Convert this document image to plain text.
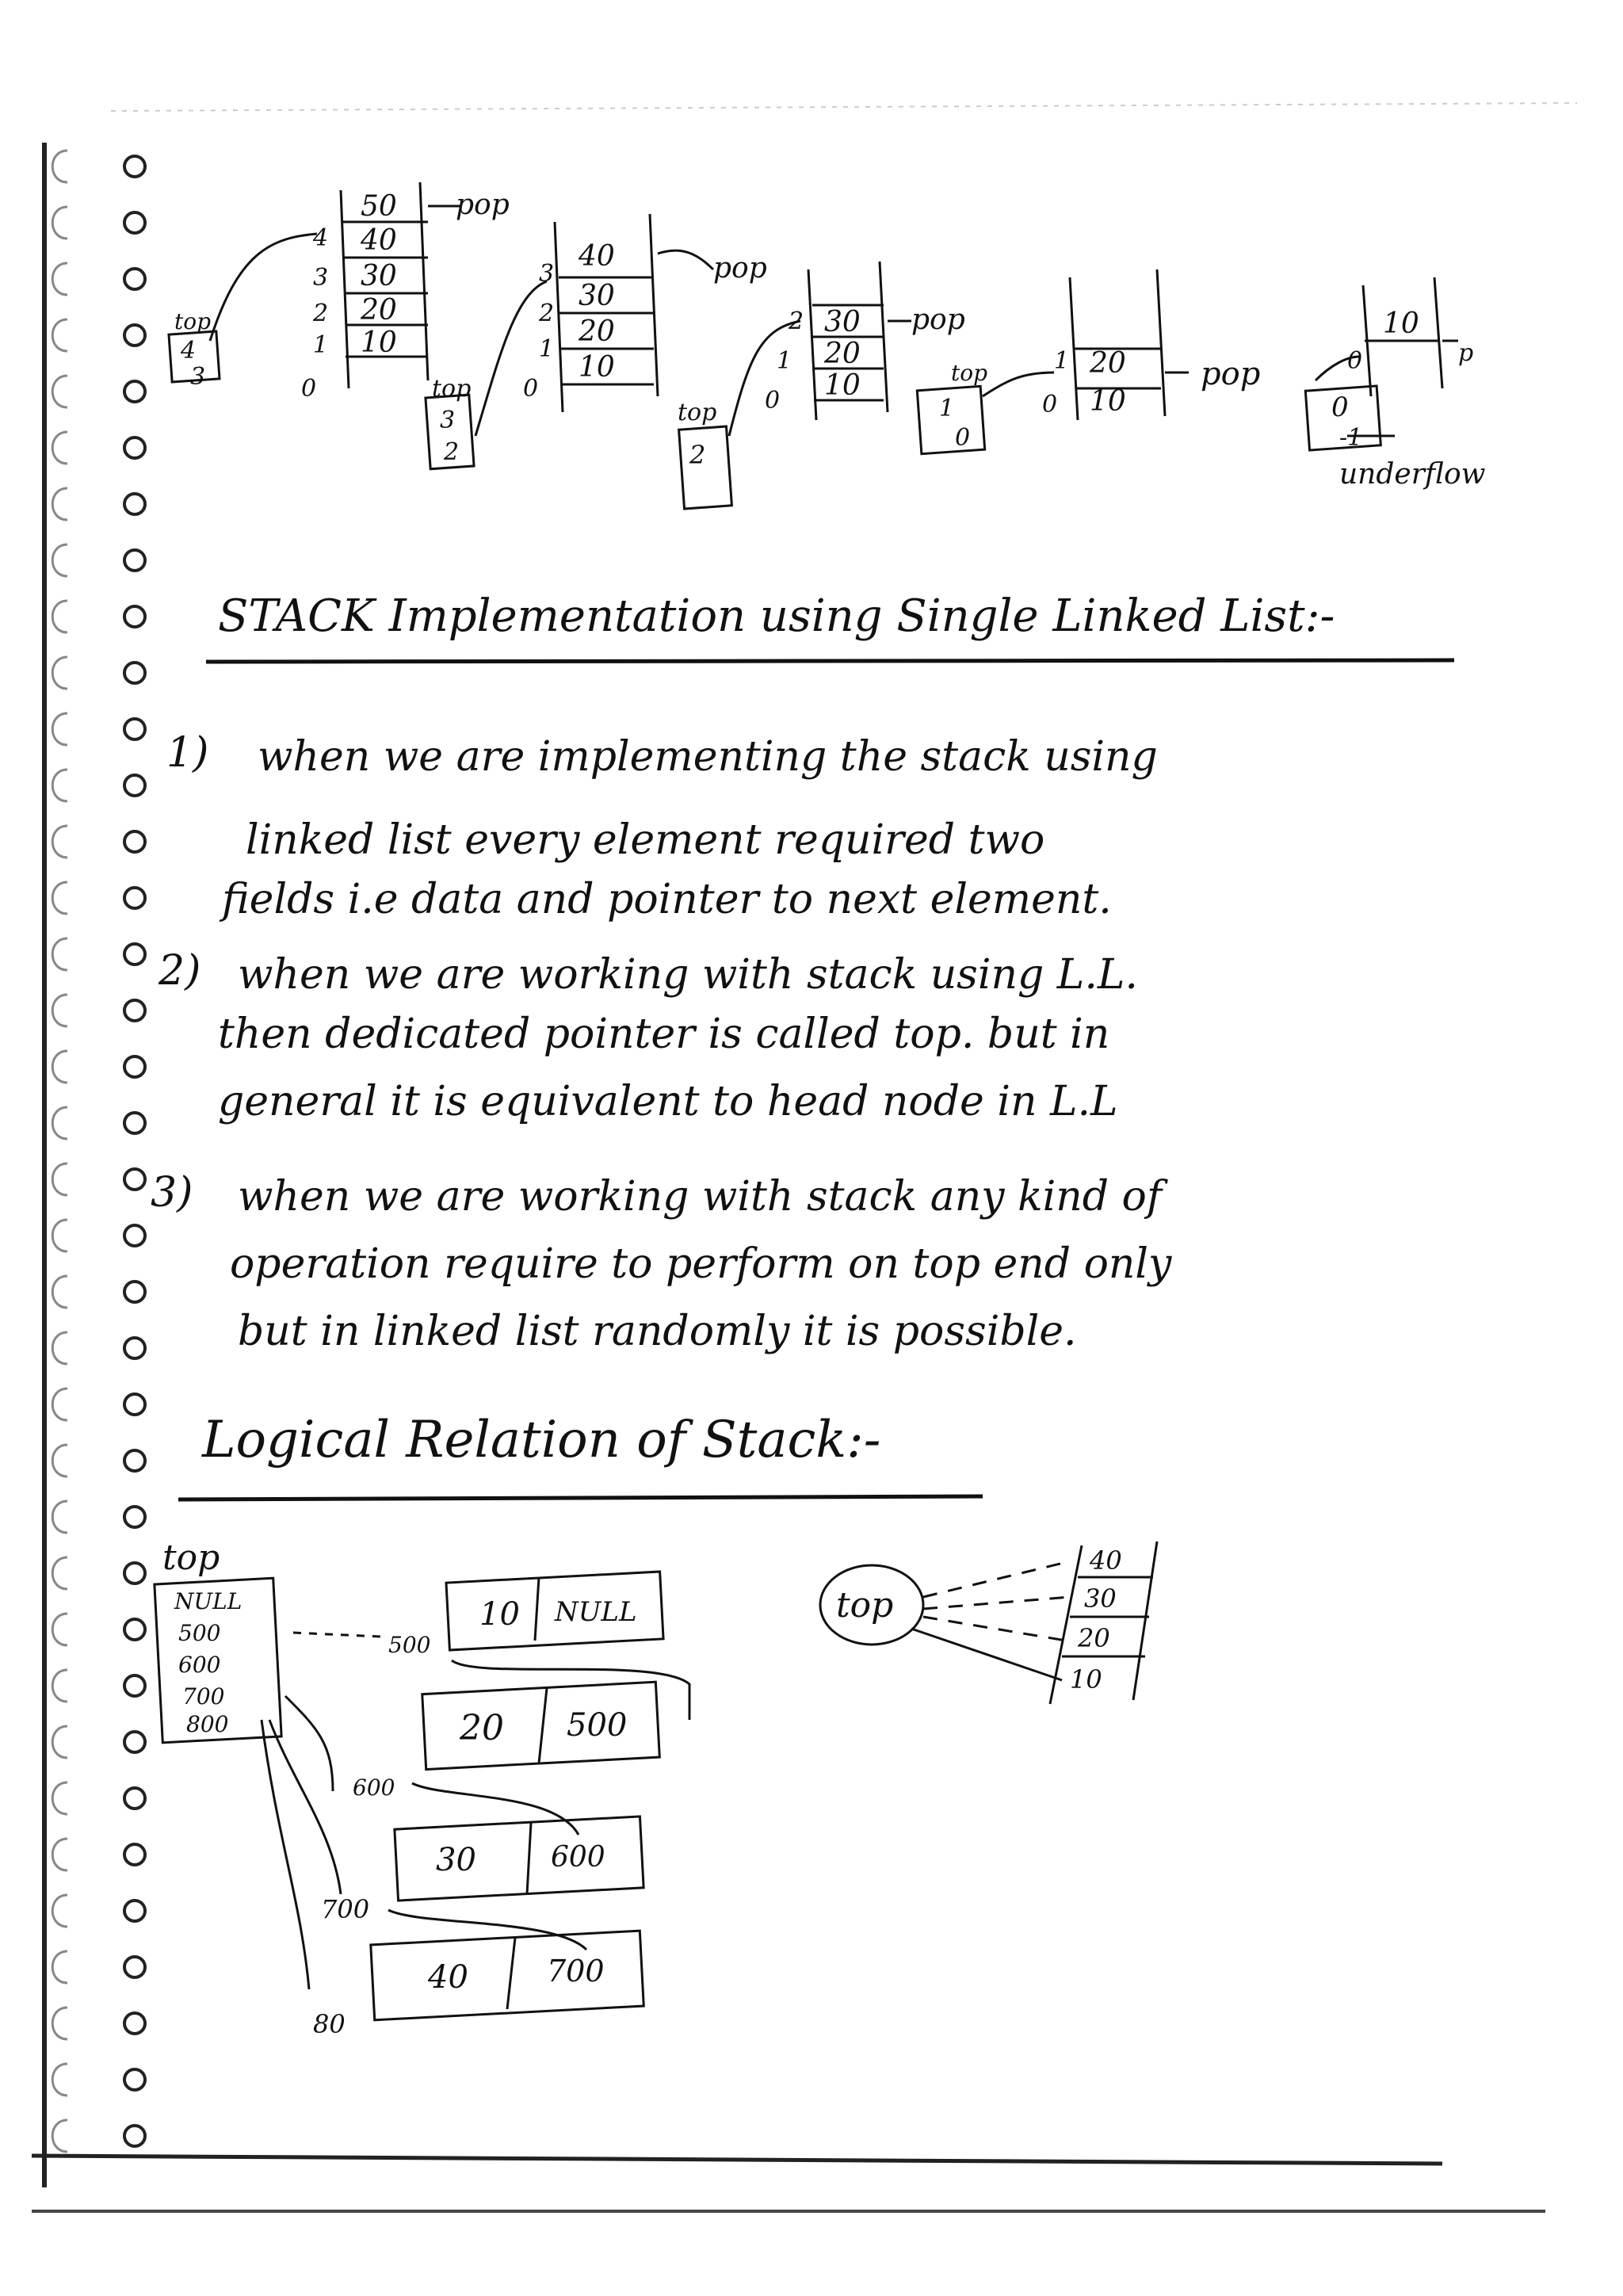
50
40
30
20
10
4
3
2
1
0
top
4
3
pop
40
30
20
10
3
2
1
0
top
3
2
pop
30
20
10
2
1
0
top
2
pop
20
10
1
0
top
1
0
pop
10
0
0
-1
p
underflow
STACK Implementation using Single Linked List:-
1) when we are implementing the stack using
linked list every element required two
fields i.e data and pointer to next element.
2) when we are working with stack using L.L.
then dedicated pointer is called top. but in
general it is equivalent to head node in L.L
3) when we are working with stack any kind of
operation require to perform on top end only
but in linked list randomly it is possible.
Logical Relation of Stack:-
top
NULL
500
600
700
800
10 NULL
500
20 500
600
30	600
700
40	700
80
top
40
30
20
10
